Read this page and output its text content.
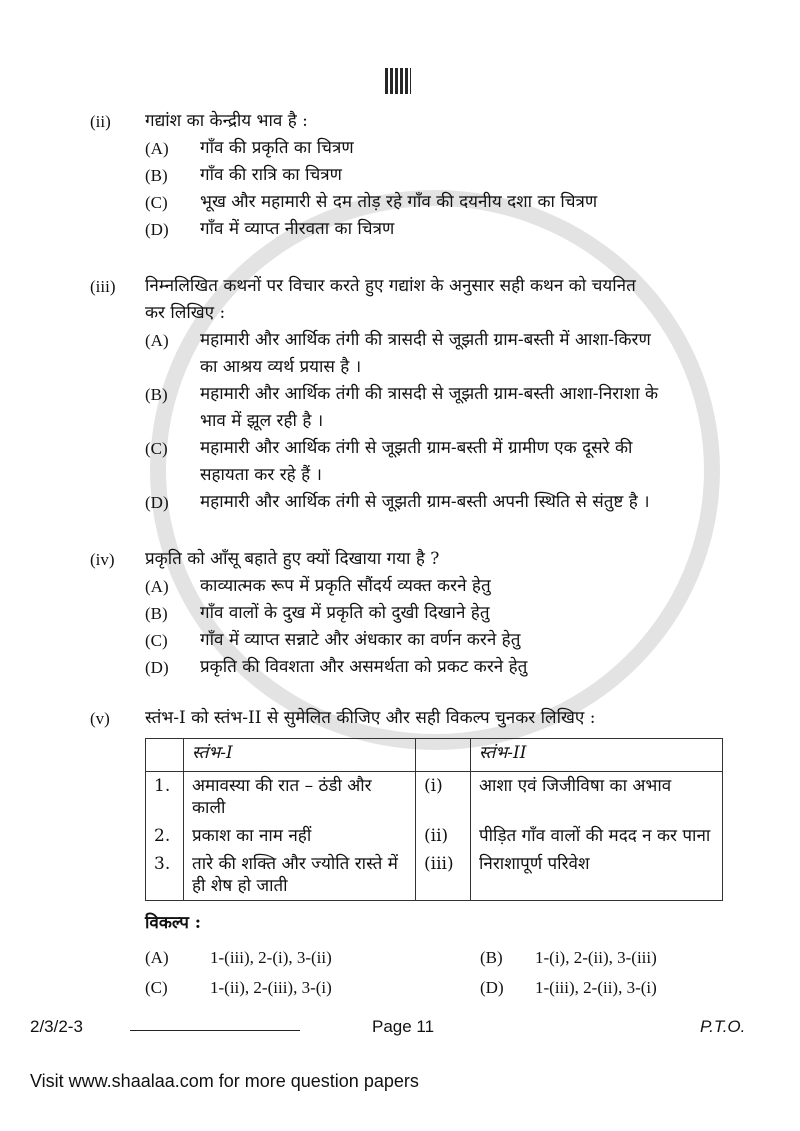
(ii)	गद्यांश का केन्द्रीय भाव है :
(A)	गाँव की प्रकृति का चित्रण
(B)	गाँव की रात्रि का चित्रण
(C)	भूख और महामारी से दम तोड़ रहे गाँव की दयनीय दशा का चित्रण
(D)	गाँव में व्याप्त नीरवता का चित्रण
(iii)	निम्नलिखित कथनों पर विचार करते हुए गद्यांश के अनुसार सही कथन को चयनित
कर लिखिए :
(A)	महामारी और आर्थिक तंगी की त्रासदी से जूझती ग्राम-बस्ती में आशा-किरण
का आश्रय व्यर्थ प्रयास है ।
(B)	महामारी और आर्थिक तंगी की त्रासदी से जूझती ग्राम-बस्ती आशा-निराशा के
भाव में झूल रही है ।
(C)	महामारी और आर्थिक तंगी से जूझती ग्राम-बस्ती में ग्रामीण एक दूसरे की
सहायता कर रहे हैं ।
(D)	महामारी और आर्थिक तंगी से जूझती ग्राम-बस्ती अपनी स्थिति से संतुष्ट है ।
(iv)	प्रकृति को आँसू बहाते हुए क्यों दिखाया गया है ?
(A)	काव्यात्मक रूप में प्रकृति सौंदर्य व्यक्त करने हेतु
(B)	गाँव वालों के दुख में प्रकृति को दुखी दिखाने हेतु
(C)	गाँव में व्याप्त सन्नाटे और अंधकार का वर्णन करने हेतु
(D)	प्रकृति की विवशता और असमर्थता को प्रकट करने हेतु
(v)	स्तंभ-I को स्तंभ-II से सुमेलित कीजिए और सही विकल्प चुनकर लिखिए :
	स्तंभ-I		स्तंभ-II
1.	अमावस्या की रात – ठंडी और काली	(i)	आशा एवं जिजीविषा का अभाव
2.	प्रकाश का नाम नहीं	(ii)	पीड़ित गाँव वालों की मदद न कर पाना
3.	तारे की शक्ति और ज्योति रास्ते में ही शेष हो जाती	(iii)	निराशापूर्ण परिवेश
विकल्प :
(A)	1-(iii), 2-(i), 3-(ii)	(B)	1-(i), 2-(ii), 3-(iii)
(C)	1-(ii), 2-(iii), 3-(i)	(D)	1-(iii), 2-(ii), 3-(i)
2/3/2-3	Page 11	P.T.O.
Visit www.shaalaa.com for more question papers
